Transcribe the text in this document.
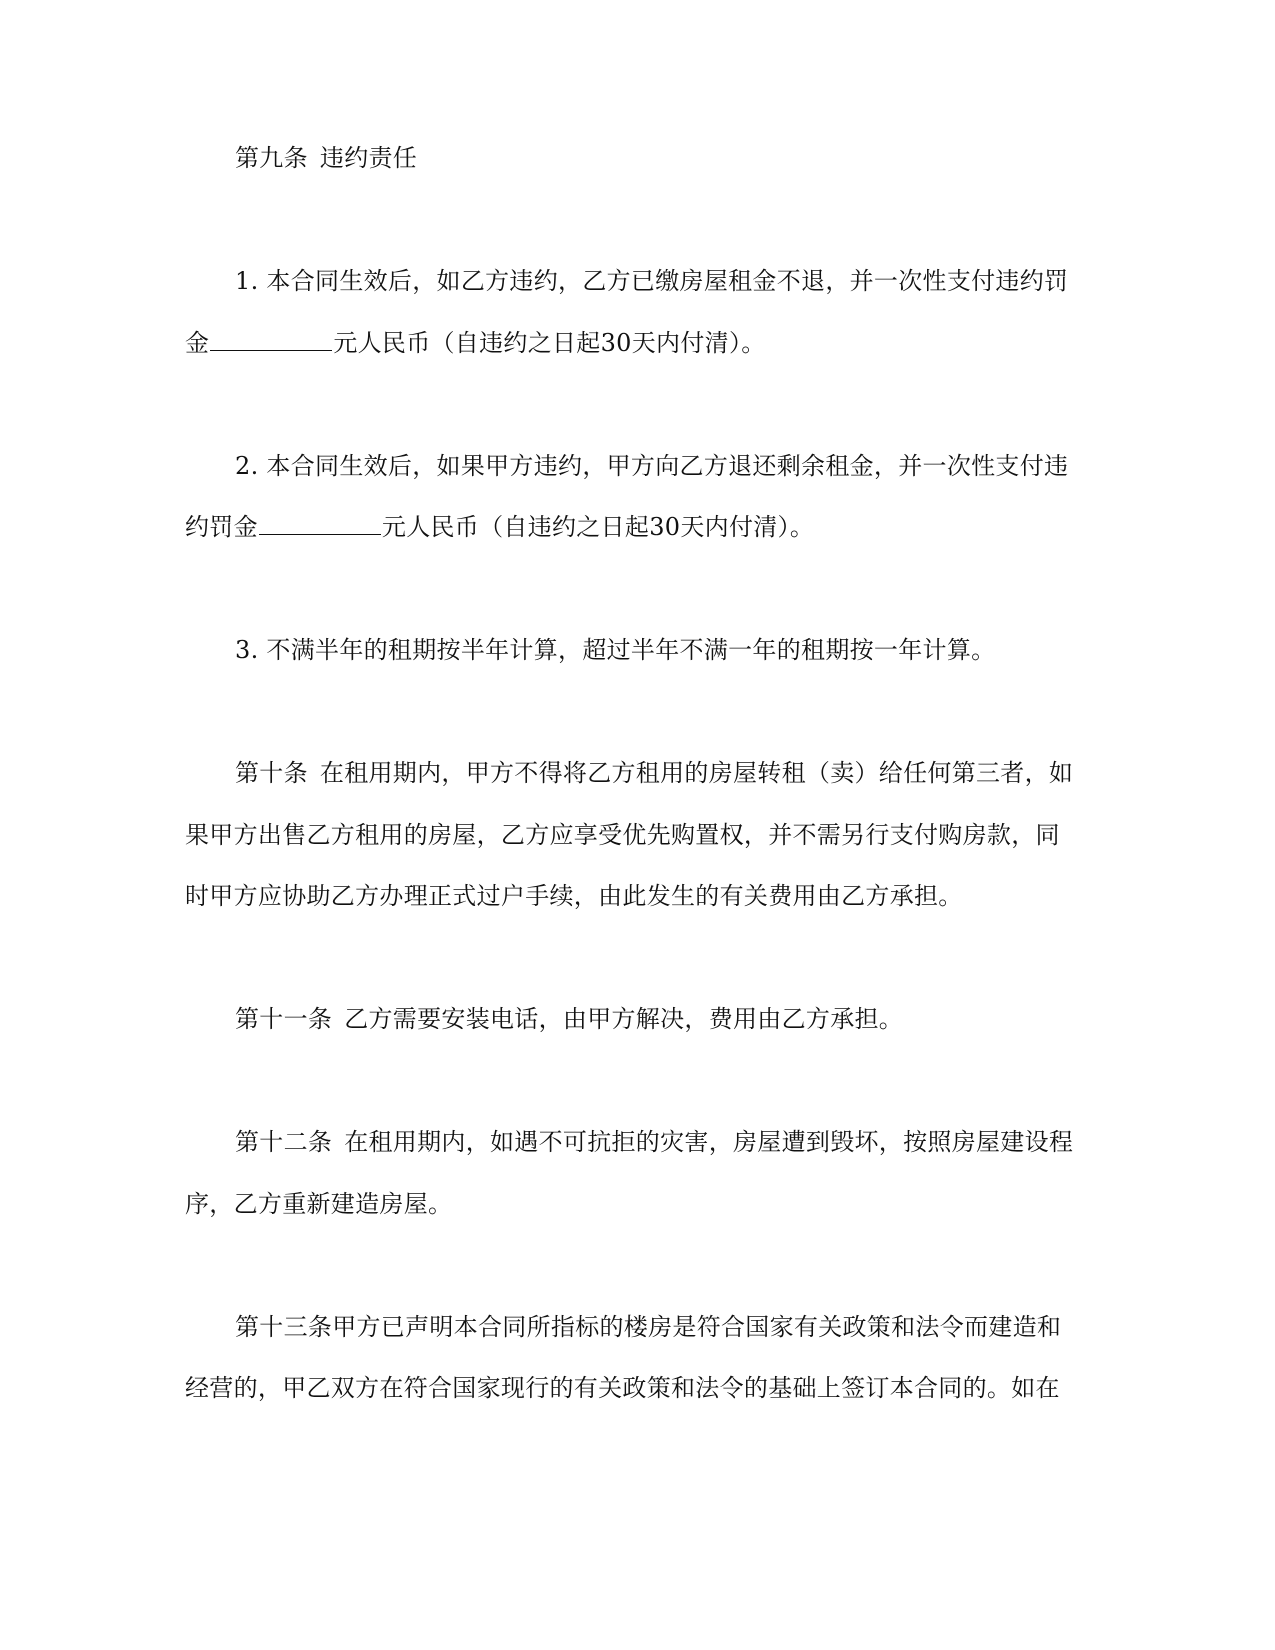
第九条 违约责任
1. 本合同生效后，如乙方违约，乙方已缴房屋租金不退，并一次性支付违约罚
金	元人民币（自违约之日起30天内付清）。
2. 本合同生效后，如果甲方违约，甲方向乙方退还剩余租金，并一次性支付违
约罚金	元人民币（自违约之日起30天内付清）。
3. 不满半年的租期按半年计算，超过半年不满一年的租期按一年计算。
第十条 在租用期内，甲方不得将乙方租用的房屋转租（卖）给任何第三者，如
果甲方出售乙方租用的房屋，乙方应享受优先购置权，并不需另行支付购房款，同
时甲方应协助乙方办理正式过户手续，由此发生的有关费用由乙方承担。
第十一条 乙方需要安装电话，由甲方解决，费用由乙方承担。
第十二条 在租用期内，如遇不可抗拒的灾害，房屋遭到毁坏，按照房屋建设程
序，乙方重新建造房屋。
第十三条甲方已声明本合同所指标的楼房是符合国家有关政策和法令而建造和
经营的，甲乙双方在符合国家现行的有关政策和法令的基础上签订本合同的。如在
